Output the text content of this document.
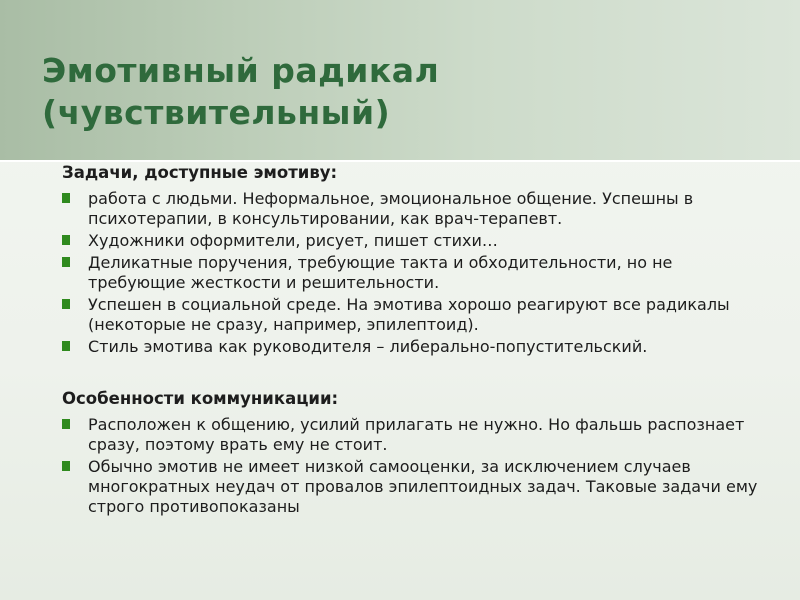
Эмотивный радикал
(чувствительный)
Задачи, доступные эмотиву:
работа с людьми. Неформальное, эмоциональное общение. Успешны в психотерапии, в консультировании, как врач-терапевт.
Художники оформители, рисует, пишет стихи…
Деликатные поручения, требующие такта и обходительности, но не требующие жесткости и решительности.
Успешен в социальной среде. На эмотива хорошо реагируют все радикалы (некоторые не сразу, например, эпилептоид).
Стиль эмотива как руководителя – либерально-попустительский.
Особенности коммуникации:
Расположен к общению, усилий прилагать не нужно. Но фальшь распознает сразу, поэтому врать ему не стоит.
Обычно эмотив не имеет низкой самооценки, за исключением случаев многократных неудач от провалов эпилептоидных задач. Таковые задачи ему строго противопоказаны
